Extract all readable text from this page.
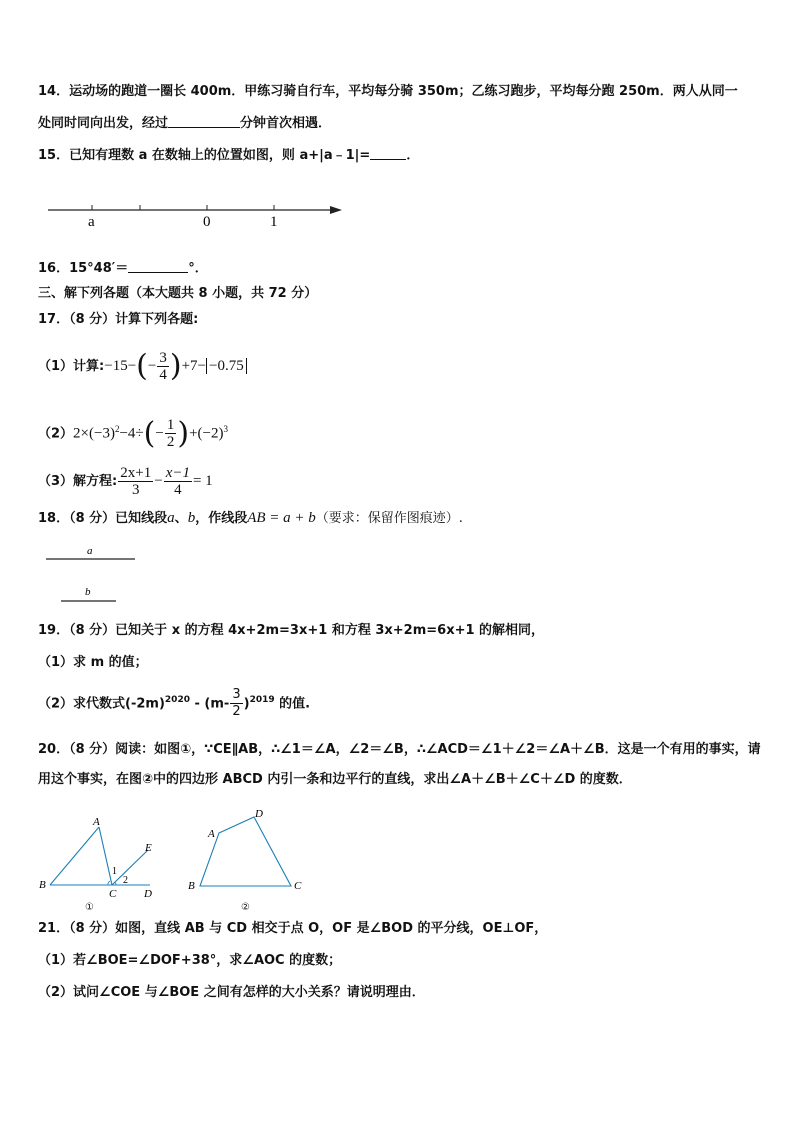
14．运动场的跑道一圈长 400m．甲练习骑自行车，平均每分骑 350m；乙练习跑步，平均每分跑 250m．两人从同一
处同时同向出发，经过	分钟首次相遇．
15．已知有理数 a 在数轴上的位置如图，则 a+|a﹣1|=	．
a	0	1
16．15°48′＝	°．
三、解下列各题（本大题共 8 小题，共 72 分）
17．（8 分）计算下列各题:
（1）计算:−15−(− $\frac{3}{4} )+7- -0.75$
$(2)2\times(-3)^2-4\div(- \frac{1}{2} )+(-2)^3$
（3）解方程: $\frac{2x+1}{3} - \frac{x-1}{4} = 1$
18．（8 分）已知线段a、b，作线段AB = a + b（要求：保留作图痕迹）.
a
b
19．（8 分）已知关于 x 的方程 4x+2m=3x+1 和方程 3x+2m=6x+1 的解相同，
（1）求 m 的值；
（2）求代数式$(-2m)^{2020} - (m- \frac{3}{2} )^{2019}$ 的值.
20．（8 分）阅读：如图①，∵CE∥AB，∴∠1＝∠A，∠2＝∠B，∴∠ACD＝∠1＋∠2＝∠A＋∠B．这是一个有用的事实，请
用这个事实，在图②中的四边形 ABCD 内引一条和边平行的直线，求出∠A＋∠B＋∠C＋∠D 的度数．
A
B
C	D
E
1
2
①
A
D
B	C
②
21．（8 分）如图，直线 AB 与 CD 相交于点 O，OF 是∠BOD 的平分线，OE⊥OF，
（1）若∠BOE=∠DOF+38°，求∠AOC 的度数；
（2）试问∠COE 与∠BOE 之间有怎样的大小关系？请说明理由．
